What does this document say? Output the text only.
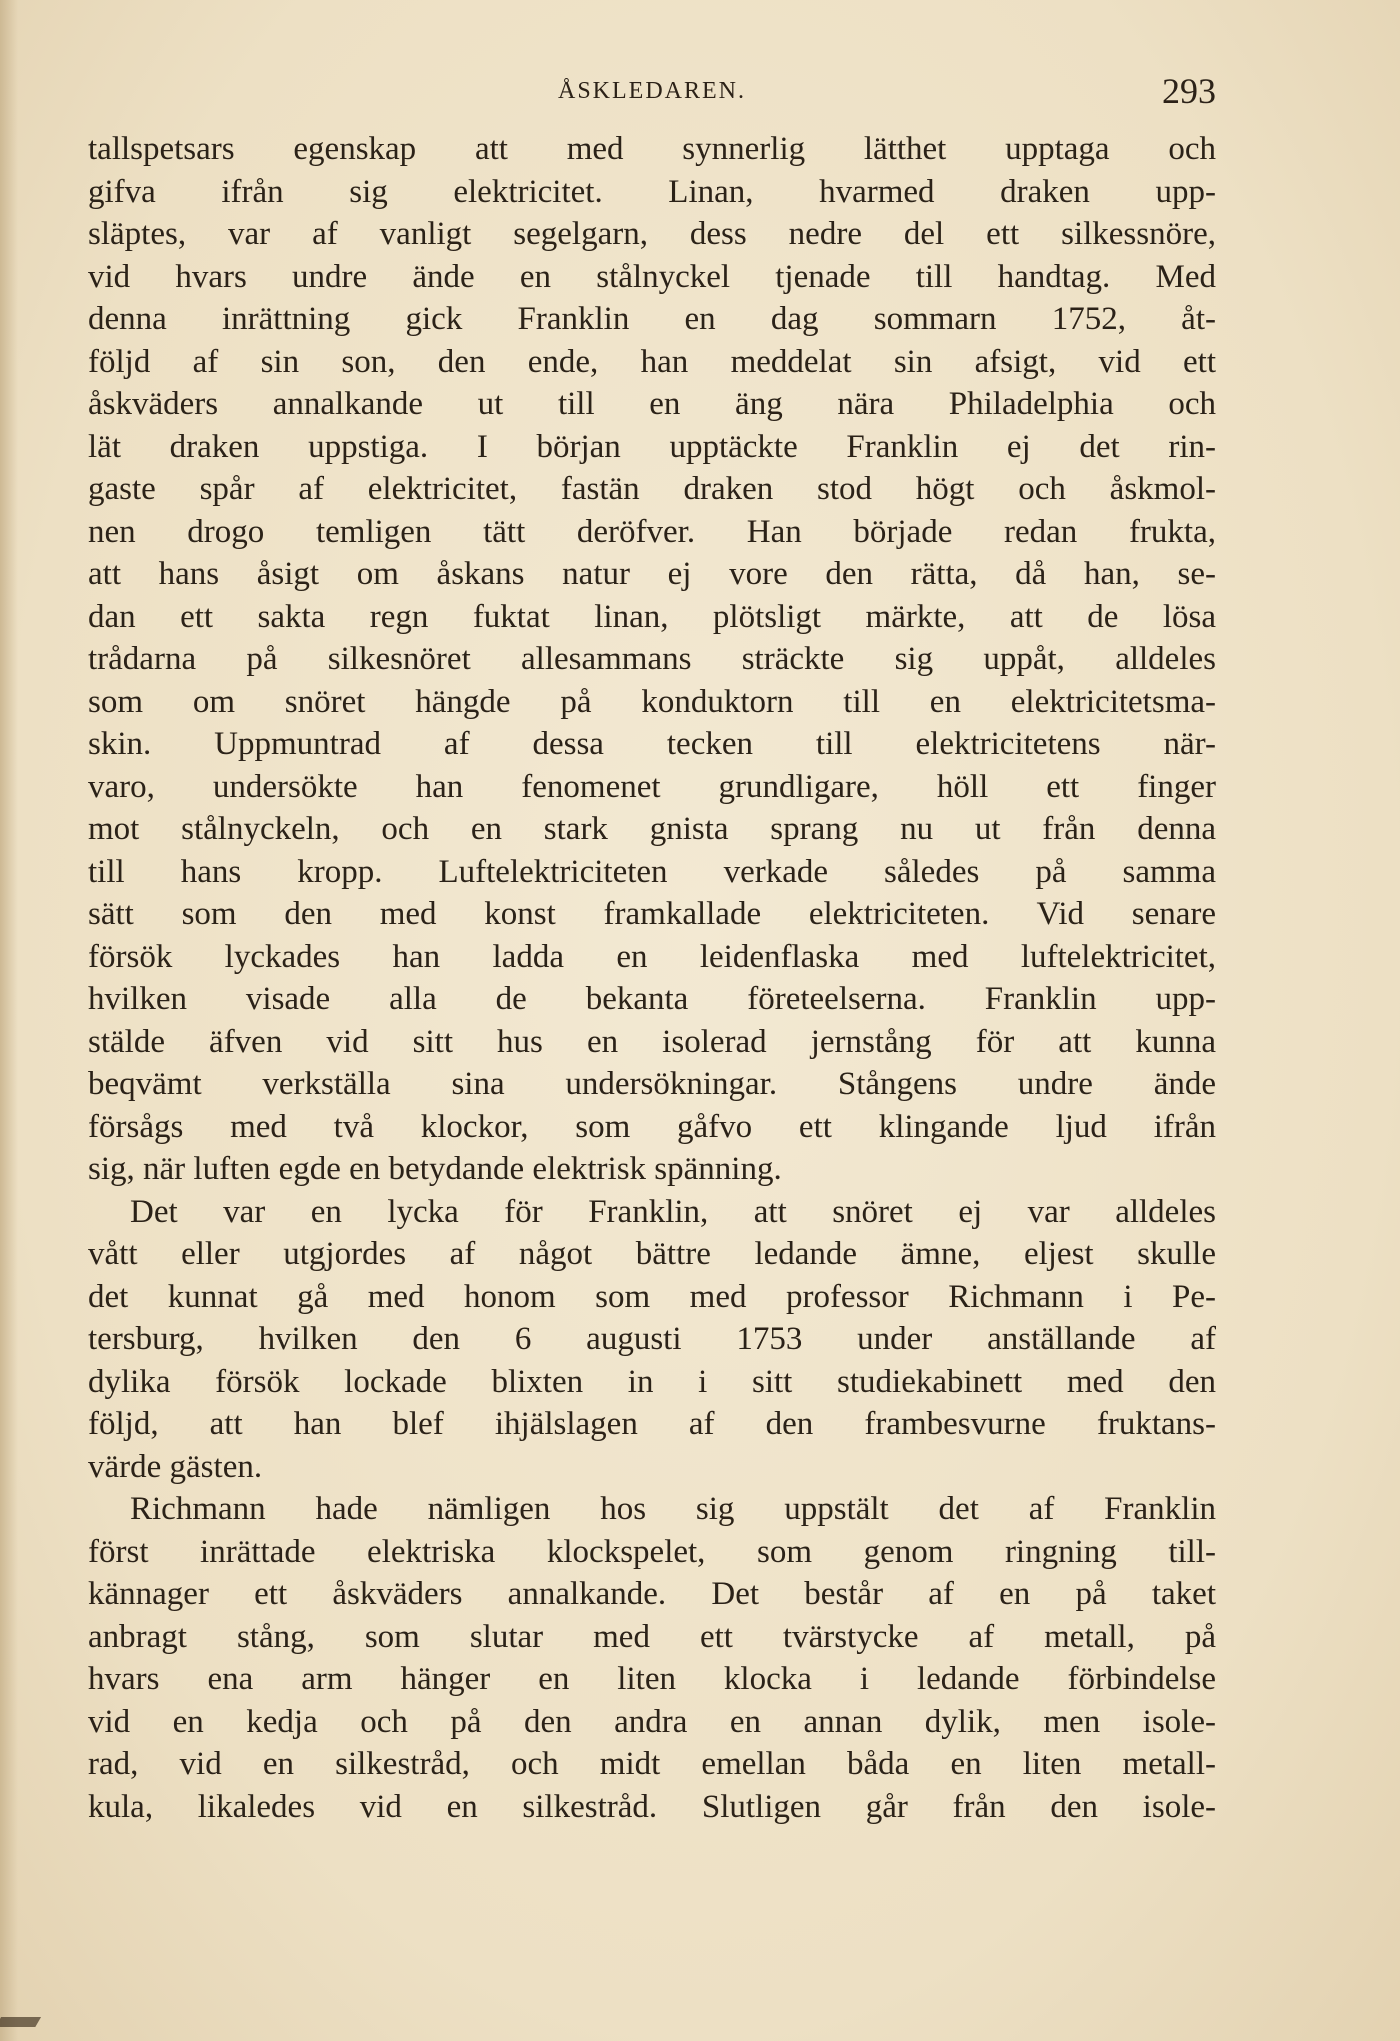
ÅSKLEDAREN.	293
tallspetsars egenskap att med synnerlig lätthet upptaga och
gifva ifrån sig elektricitet. Linan, hvarmed draken upp-
släptes, var af vanligt segelgarn, dess nedre del ett silkessnöre,
vid hvars undre ände en stålnyckel tjenade till handtag. Med
denna inrättning gick Franklin en dag sommarn 1752, åt-
följd af sin son, den ende, han meddelat sin afsigt, vid ett
åskväders annalkande ut till en äng nära Philadelphia och
lät draken uppstiga. I början upptäckte Franklin ej det rin-
gaste spår af elektricitet, fastän draken stod högt och åskmol-
nen drogo temligen tätt deröfver. Han började redan frukta,
att hans åsigt om åskans natur ej vore den rätta, då han, se-
dan ett sakta regn fuktat linan, plötsligt märkte, att de lösa
trådarna på silkesnöret allesammans sträckte sig uppåt, alldeles
som om snöret hängde på konduktorn till en elektricitetsma-
skin. Uppmuntrad af dessa tecken till elektricitetens när-
varo, undersökte han fenomenet grundligare, höll ett finger
mot stålnyckeln, och en stark gnista sprang nu ut från denna
till hans kropp. Luftelektriciteten verkade således på samma
sätt som den med konst framkallade elektriciteten. Vid senare
försök lyckades han ladda en leidenflaska med luftelektricitet,
hvilken visade alla de bekanta företeelserna. Franklin upp-
stälde äfven vid sitt hus en isolerad jernstång för att kunna
beqvämt verkställa sina undersökningar. Stångens undre ände
försågs med två klockor, som gåfvo ett klingande ljud ifrån
sig, när luften egde en betydande elektrisk spänning.
Det var en lycka för Franklin, att snöret ej var alldeles
vått eller utgjordes af något bättre ledande ämne, eljest skulle
det kunnat gå med honom som med professor Richmann i Pe-
tersburg, hvilken den 6 augusti 1753 under anställande af
dylika försök lockade blixten in i sitt studiekabinett med den
följd, att han blef ihjälslagen af den frambesvurne fruktans-
värde gästen.
Richmann hade nämligen hos sig uppstält det af Franklin
först inrättade elektriska klockspelet, som genom ringning till-
kännager ett åskväders annalkande. Det består af en på taket
anbragt stång, som slutar med ett tvärstycke af metall, på
hvars ena arm hänger en liten klocka i ledande förbindelse
vid en kedja och på den andra en annan dylik, men isole-
rad, vid en silkestråd, och midt emellan båda en liten metall-
kula, likaledes vid en silkestråd. Slutligen går från den isole-
